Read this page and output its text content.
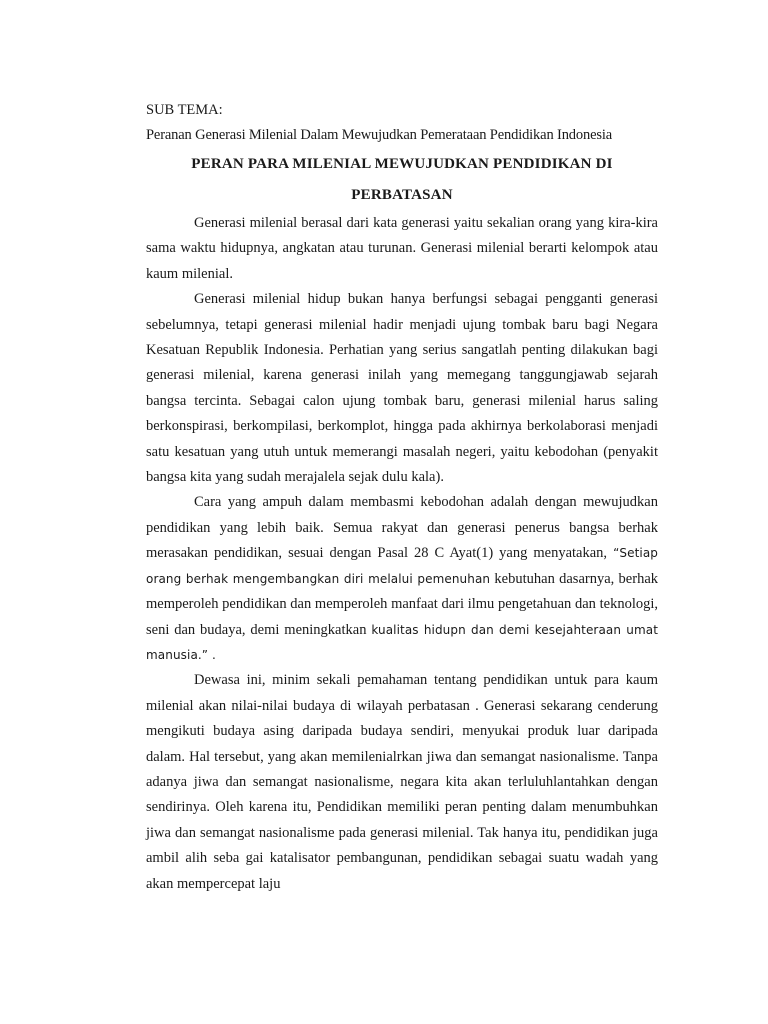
SUB TEMA:

Peranan Generasi Milenial Dalam Mewujudkan Pemerataan Pendidikan Indonesia

PERAN PARA MILENIAL MEWUJUDKAN PENDIDIKAN DI

PERBATASAN

Generasi milenial berasal dari kata generasi yaitu sekalian orang yang kira-kira sama waktu hidupnya, angkatan atau turunan. Generasi milenial berarti kelompok atau kaum milenial.

Generasi milenial hidup bukan hanya berfungsi sebagai pengganti generasi sebelumnya, tetapi generasi milenial hadir menjadi ujung tombak baru bagi Negara Kesatuan Republik Indonesia. Perhatian yang serius sangatlah penting dilakukan bagi generasi milenial, karena generasi inilah yang memegang tanggungjawab sejarah bangsa tercinta. Sebagai calon ujung tombak baru, generasi milenial harus saling berkonspirasi, berkompilasi, berkomplot, hingga pada akhirnya berkolaborasi menjadi satu kesatuan yang utuh untuk memerangi masalah negeri, yaitu kebodohan (penyakit bangsa kita yang sudah merajalela sejak dulu kala).

Cara yang ampuh dalam membasmi kebodohan adalah dengan mewujudkan pendidikan yang lebih baik. Semua rakyat dan generasi penerus bangsa berhak merasakan pendidikan, sesuai dengan Pasal 28 C Ayat(1) yang menyatakan, “Setiap orang berhak mengembangkan diri melalui pemenuhan kebutuhan dasarnya, berhak memperoleh pendidikan dan memperoleh manfaat dari ilmu pengetahuan dan teknologi, seni dan budaya, demi meningkatkan kualitas hidupn dan demi kesejahteraan umat manusia.” .

Dewasa ini, minim sekali pemahaman tentang pendidikan untuk para kaum milenial akan nilai-nilai budaya di wilayah perbatasan . Generasi sekarang cenderung mengikuti budaya asing daripada budaya sendiri, menyukai produk luar daripada dalam. Hal tersebut, yang akan memilenialrkan jiwa dan semangat nasionalisme. Tanpa adanya jiwa dan semangat nasionalisme, negara kita akan terluluhlantahkan dengan sendirinya. Oleh karena itu, Pendidikan memiliki peran penting dalam menumbuhkan jiwa dan semangat nasionalisme pada generasi milenial. Tak hanya itu, pendidikan juga ambil alih seba gai katalisator pembangunan, pendidikan sebagai suatu wadah yang akan mempercepat laju
